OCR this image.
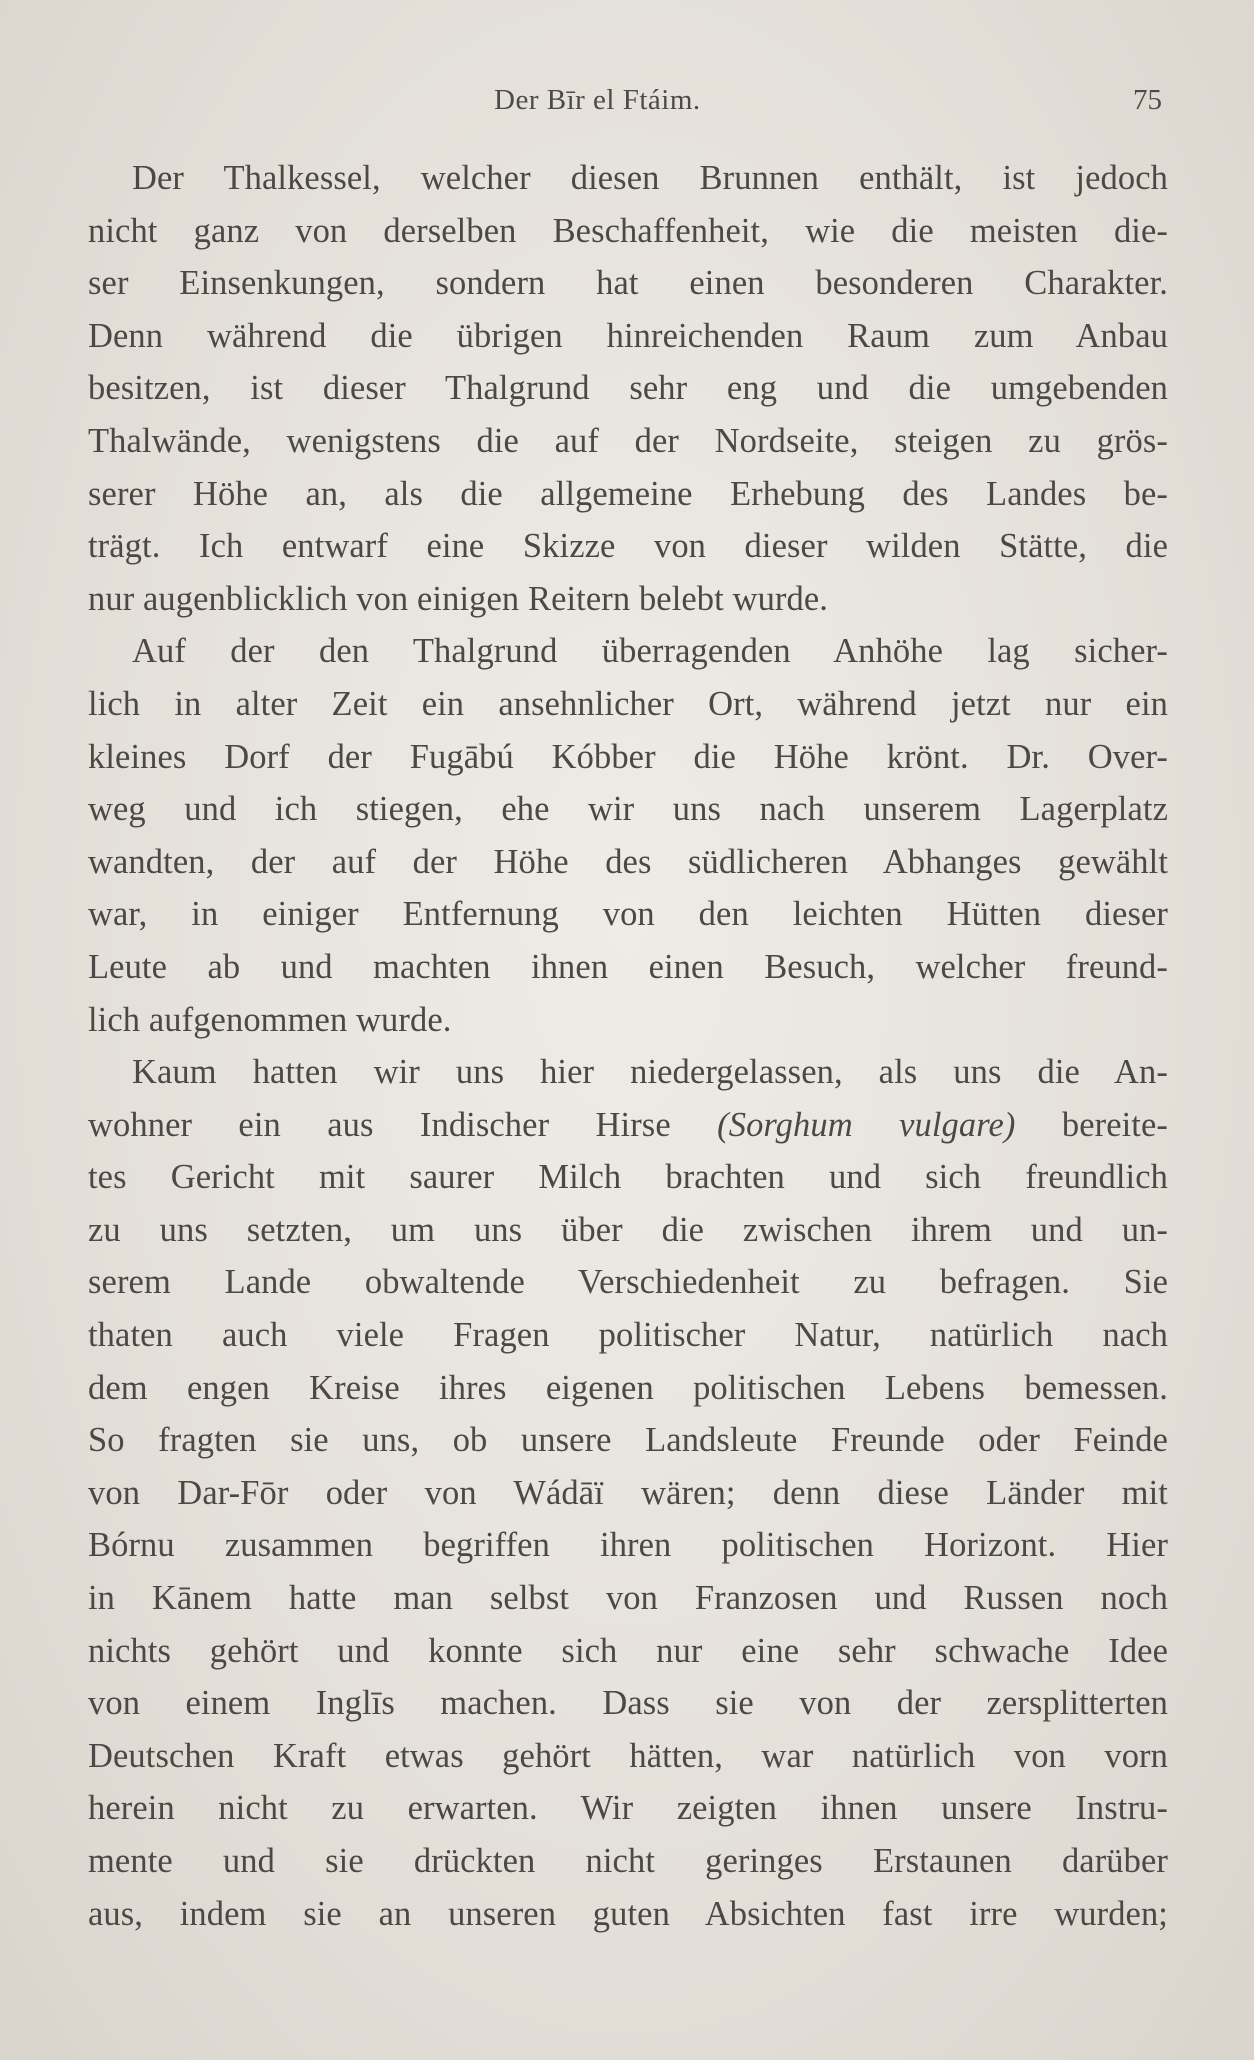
Der Bīr el Ftáim.	75
Der Thalkessel, welcher diesen Brunnen enthält, ist jedoch
nicht ganz von derselben Beschaffenheit, wie die meisten die-
ser Einsenkungen, sondern hat einen besonderen Charakter.
Denn während die übrigen hinreichenden Raum zum Anbau
besitzen, ist dieser Thalgrund sehr eng und die umgebenden
Thalwände, wenigstens die auf der Nordseite, steigen zu grös-
serer Höhe an, als die allgemeine Erhebung des Landes be-
trägt. Ich entwarf eine Skizze von dieser wilden Stätte, die
nur augenblicklich von einigen Reitern belebt wurde.
Auf der den Thalgrund überragenden Anhöhe lag sicher-
lich in alter Zeit ein ansehnlicher Ort, während jetzt nur ein
kleines Dorf der Fugābú Kóbber die Höhe krönt. Dr. Over-
weg und ich stiegen, ehe wir uns nach unserem Lagerplatz
wandten, der auf der Höhe des südlicheren Abhanges gewählt
war, in einiger Entfernung von den leichten Hütten dieser
Leute ab und machten ihnen einen Besuch, welcher freund-
lich aufgenommen wurde.
Kaum hatten wir uns hier niedergelassen, als uns die An-
wohner ein aus Indischer Hirse (Sorghum vulgare) bereite-
tes Gericht mit saurer Milch brachten und sich freundlich
zu uns setzten, um uns über die zwischen ihrem und un-
serem Lande obwaltende Verschiedenheit zu befragen. Sie
thaten auch viele Fragen politischer Natur, natürlich nach
dem engen Kreise ihres eigenen politischen Lebens bemessen.
So fragten sie uns, ob unsere Landsleute Freunde oder Feinde
von Dar-Fōr oder von Wádāï wären; denn diese Länder mit
Bórnu zusammen begriffen ihren politischen Horizont. Hier
in Kānem hatte man selbst von Franzosen und Russen noch
nichts gehört und konnte sich nur eine sehr schwache Idee
von einem Inglīs machen. Dass sie von der zersplitterten
Deutschen Kraft etwas gehört hätten, war natürlich von vorn
herein nicht zu erwarten. Wir zeigten ihnen unsere Instru-
mente und sie drückten nicht geringes Erstaunen darüber
aus, indem sie an unseren guten Absichten fast irre wurden;
